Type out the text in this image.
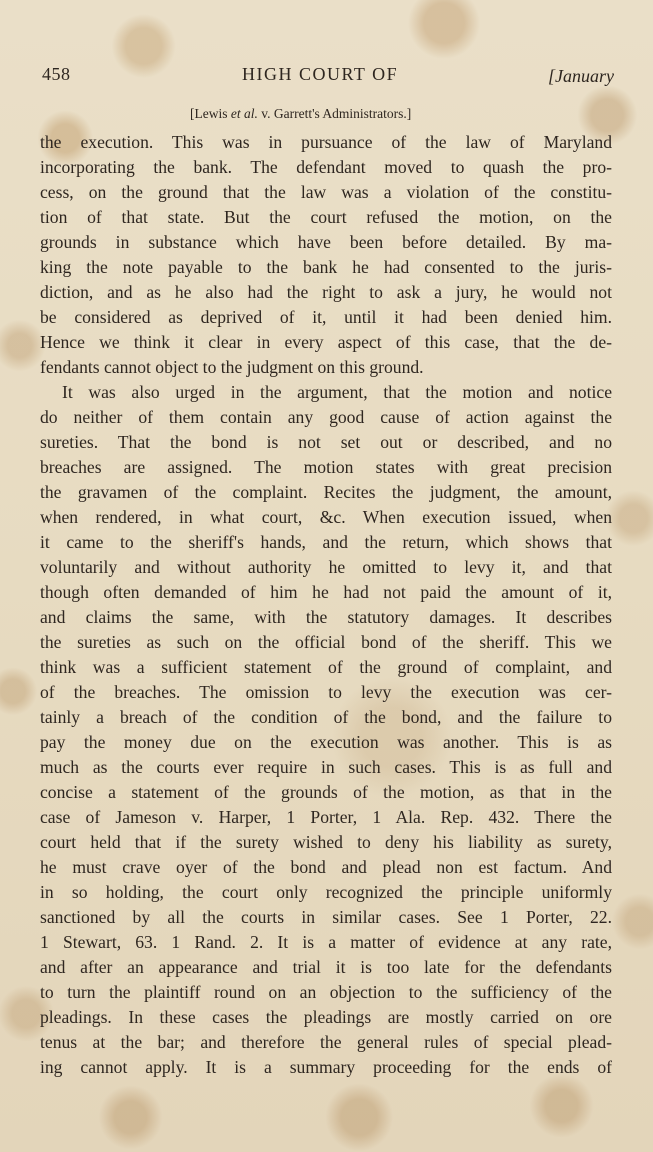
458	HIGH COURT OF	[January
[Lewis et al. v. Garrett's Administrators.]
the execution. This was in pursuance of the law of Maryland
incorporating the bank. The defendant moved to quash the pro-
cess, on the ground that the law was a violation of the constitu-
tion of that state. But the court refused the motion, on the
grounds in substance which have been before detailed. By ma-
king the note payable to the bank he had consented to the juris-
diction, and as he also had the right to ask a jury, he would not
be considered as deprived of it, until it had been denied him.
Hence we think it clear in every aspect of this case, that the de-
fendants cannot object to the judgment on this ground.
It was also urged in the argument, that the motion and notice
do neither of them contain any good cause of action against the
sureties. That the bond is not set out or described, and no
breaches are assigned. The motion states with great precision
the gravamen of the complaint. Recites the judgment, the amount,
when rendered, in what court, &c. When execution issued, when
it came to the sheriff's hands, and the return, which shows that
voluntarily and without authority he omitted to levy it, and that
though often demanded of him he had not paid the amount of it,
and claims the same, with the statutory damages. It describes
the sureties as such on the official bond of the sheriff. This we
think was a sufficient statement of the ground of complaint, and
of the breaches. The omission to levy the execution was cer-
tainly a breach of the condition of the bond, and the failure to
pay the money due on the execution was another. This is as
much as the courts ever require in such cases. This is as full and
concise a statement of the grounds of the motion, as that in the
case of Jameson v. Harper, 1 Porter, 1 Ala. Rep. 432. There the
court held that if the surety wished to deny his liability as surety,
he must crave oyer of the bond and plead non est factum. And
in so holding, the court only recognized the principle uniformly
sanctioned by all the courts in similar cases. See 1 Porter, 22.
1 Stewart, 63. 1 Rand. 2. It is a matter of evidence at any rate,
and after an appearance and trial it is too late for the defendants
to turn the plaintiff round on an objection to the sufficiency of the
pleadings. In these cases the pleadings are mostly carried on ore
tenus at the bar; and therefore the general rules of special plead-
ing cannot apply. It is a summary proceeding for the ends of
